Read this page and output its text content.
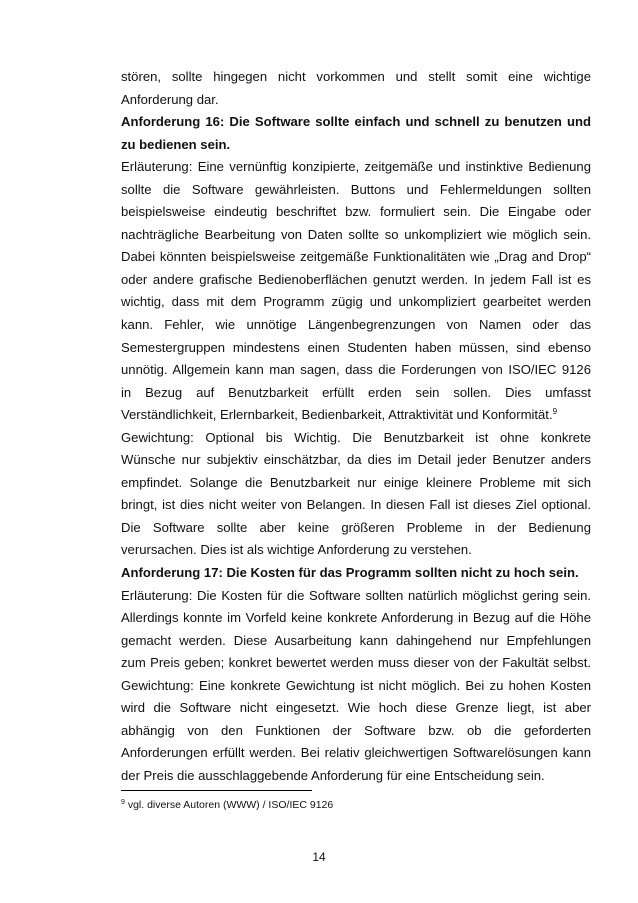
stören, sollte hingegen nicht vorkommen und stellt somit eine wichtige
Anforderung dar.
Anforderung 16: Die Software sollte einfach und schnell zu benutzen und
zu bedienen sein.
Erläuterung: Eine vernünftig konzipierte, zeitgemäße und instinktive Bedienung
sollte die Software gewährleisten. Buttons und Fehlermeldungen sollten
beispielsweise eindeutig beschriftet bzw. formuliert sein. Die Eingabe oder
nachträgliche Bearbeitung von Daten sollte so unkompliziert wie möglich sein.
Dabei könnten beispielsweise zeitgemäße Funktionalitäten wie „Drag and Drop“
oder andere grafische Bedienoberflächen genutzt werden. In jedem Fall ist es
wichtig, dass mit dem Programm zügig und unkompliziert gearbeitet werden
kann. Fehler, wie unnötige Längenbegrenzungen von Namen oder das
Semestergruppen mindestens einen Studenten haben müssen, sind ebenso
unnötig. Allgemein kann man sagen, dass die Forderungen von ISO/IEC 9126
in Bezug auf Benutzbarkeit erfüllt erden sein sollen. Dies umfasst
Verständlichkeit, Erlernbarkeit, Bedienbarkeit, Attraktivität und Konformität.$^9$
Gewichtung: Optional bis Wichtig. Die Benutzbarkeit ist ohne konkrete
Wünsche nur subjektiv einschätzbar, da dies im Detail jeder Benutzer anders
empfindet. Solange die Benutzbarkeit nur einige kleinere Probleme mit sich
bringt, ist dies nicht weiter von Belangen. In diesen Fall ist dieses Ziel optional.
Die Software sollte aber keine größeren Probleme in der Bedienung
verursachen. Dies ist als wichtige Anforderung zu verstehen.
Anforderung 17: Die Kosten für das Programm sollten nicht zu hoch sein.
Erläuterung: Die Kosten für die Software sollten natürlich möglichst gering sein.
Allerdings konnte im Vorfeld keine konkrete Anforderung in Bezug auf die Höhe
gemacht werden. Diese Ausarbeitung kann dahingehend nur Empfehlungen
zum Preis geben; konkret bewertet werden muss dieser von der Fakultät selbst.
Gewichtung: Eine konkrete Gewichtung ist nicht möglich. Bei zu hohen Kosten
wird die Software nicht eingesetzt. Wie hoch diese Grenze liegt, ist aber
abhängig von den Funktionen der Software bzw. ob die geforderten
Anforderungen erfüllt werden. Bei relativ gleichwertigen Softwarelösungen kann
der Preis die ausschlaggebende Anforderung für eine Entscheidung sein.
$^9$ vgl. diverse Autoren (WWW) / ISO/IEC 9126
14
